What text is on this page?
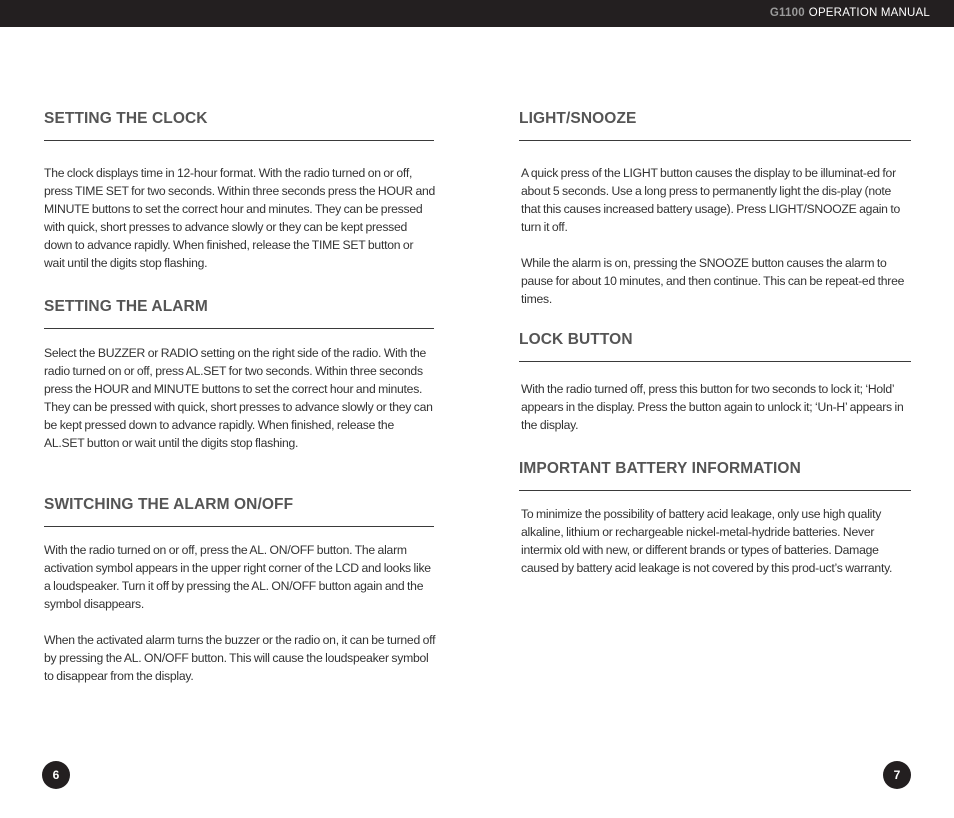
G1100 OPERATION MANUAL
SETTING THE CLOCK

The clock displays time in 12-hour format. With the radio turned on or off, press TIME SET for two seconds. Within three seconds press the HOUR and MINUTE buttons to set the correct hour and minutes. They can be pressed with quick, short presses to advance slowly or they can be kept pressed down to advance rapidly. When finished, release the TIME SET button or wait until the digits stop flashing.

SETTING THE ALARM

Select the BUZZER or RADIO setting on the right side of the radio. With the radio turned on or off, press AL.SET for two seconds. Within three seconds press the HOUR and MINUTE buttons to set the correct hour and minutes. They can be pressed with quick, short presses to advance slowly or they can be kept pressed down to advance rapidly. When finished, release the AL.SET button or wait until the digits stop flashing.

SWITCHING THE ALARM ON/OFF

With the radio turned on or off, press the AL. ON/OFF button. The alarm activation symbol appears in the upper right corner of the LCD and looks like a loudspeaker. Turn it off by pressing the AL. ON/OFF button again and the symbol disappears.

When the activated alarm turns the buzzer or the radio on, it can be turned off by pressing the AL. ON/OFF button. This will cause the loudspeaker symbol to disappear from the display.

6
LIGHT/SNOOZE

A quick press of the LIGHT button causes the display to be illuminat-ed for about 5 seconds. Use a long press to permanently light the dis-play (note that this causes increased battery usage). Press LIGHT/SNOOZE again to turn it off.

While the alarm is on, pressing the SNOOZE button causes the alarm to pause for about 10 minutes, and then continue. This can be repeat-ed three times.

LOCK BUTTON

With the radio turned off, press this button for two seconds to lock it; ‘Hold’ appears in the display. Press the button again to unlock it; ‘Un-H’ appears in the display.

IMPORTANT BATTERY INFORMATION

To minimize the possibility of battery acid leakage, only use high quality alkaline, lithium or rechargeable nickel-metal-hydride batteries. Never intermix old with new, or different brands or types of batteries. Damage caused by battery acid leakage is not covered by this prod-uct’s warranty.

7
